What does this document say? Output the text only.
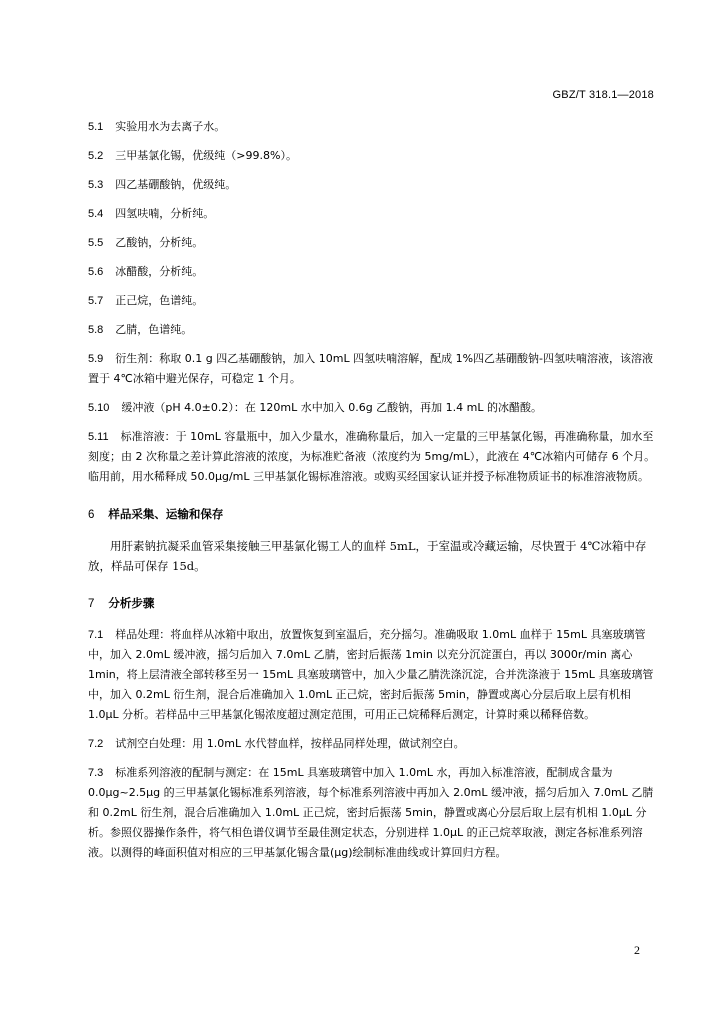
GBZ/T 318.1—2018
5.1 实验用水为去离子水。
5.2 三甲基氯化锡，优级纯（>99.8%）。
5.3 四乙基硼酸钠，优级纯。
5.4 四氢呋喃，分析纯。
5.5 乙酸钠，分析纯。
5.6 冰醋酸，分析纯。
5.7 正己烷，色谱纯。
5.8 乙腈，色谱纯。
5.9 衍生剂：称取 0.1 g 四乙基硼酸钠，加入 10mL 四氢呋喃溶解，配成 1%四乙基硼酸钠-四氢呋喃溶液，该溶液置于 4℃冰箱中避光保存，可稳定 1 个月。
5.10 缓冲液（pH 4.0±0.2）：在 120mL 水中加入 0.6g 乙酸钠，再加 1.4 mL 的冰醋酸。
5.11 标准溶液：于 10mL 容量瓶中，加入少量水，准确称量后，加入一定量的三甲基氯化锡，再准确称量，加水至刻度；由 2 次称量之差计算此溶液的浓度，为标准贮备液（浓度约为 5mg/mL），此液在 4℃冰箱内可储存 6 个月。临用前，用水稀释成 50.0μg/mL 三甲基氯化锡标准溶液。或购买经国家认证并授予标准物质证书的标准溶液物质。
6 样品采集、运输和保存
用肝素钠抗凝采血管采集接触三甲基氯化锡工人的血样 5mL，于室温或冷藏运输，尽快置于 4℃冰箱中存放，样品可保存 15d。
7 分析步骤
7.1 样品处理：将血样从冰箱中取出，放置恢复到室温后，充分摇匀。准确吸取 1.0mL 血样于 15mL 具塞玻璃管中，加入 2.0mL 缓冲液，摇匀后加入 7.0mL 乙腈，密封后振荡 1min 以充分沉淀蛋白，再以 3000r/min 离心 1min，将上层清液全部转移至另一 15mL 具塞玻璃管中，加入少量乙腈洗涤沉淀，合并洗涤液于 15mL 具塞玻璃管中，加入 0.2mL 衍生剂，混合后准确加入 1.0mL 正己烷，密封后振荡 5min，静置或离心分层后取上层有机相 1.0μL 分析。若样品中三甲基氯化锡浓度超过测定范围，可用正己烷稀释后测定，计算时乘以稀释倍数。
7.2 试剂空白处理：用 1.0mL 水代替血样，按样品同样处理，做试剂空白。
7.3 标准系列溶液的配制与测定：在 15mL 具塞玻璃管中加入 1.0mL 水，再加入标准溶液，配制成含量为 0.0μg~2.5μg 的三甲基氯化锡标准系列溶液，每个标准系列溶液中再加入 2.0mL 缓冲液，摇匀后加入 7.0mL 乙腈和 0.2mL 衍生剂，混合后准确加入 1.0mL 正己烷，密封后振荡 5min，静置或离心分层后取上层有机相 1.0μL 分析。参照仪器操作条件，将气相色谱仪调节至最佳测定状态，分别进样 1.0μL 的正己烷萃取液，测定各标准系列溶液。以测得的峰面积值对相应的三甲基氯化锡含量(μg)绘制标准曲线或计算回归方程。
2
